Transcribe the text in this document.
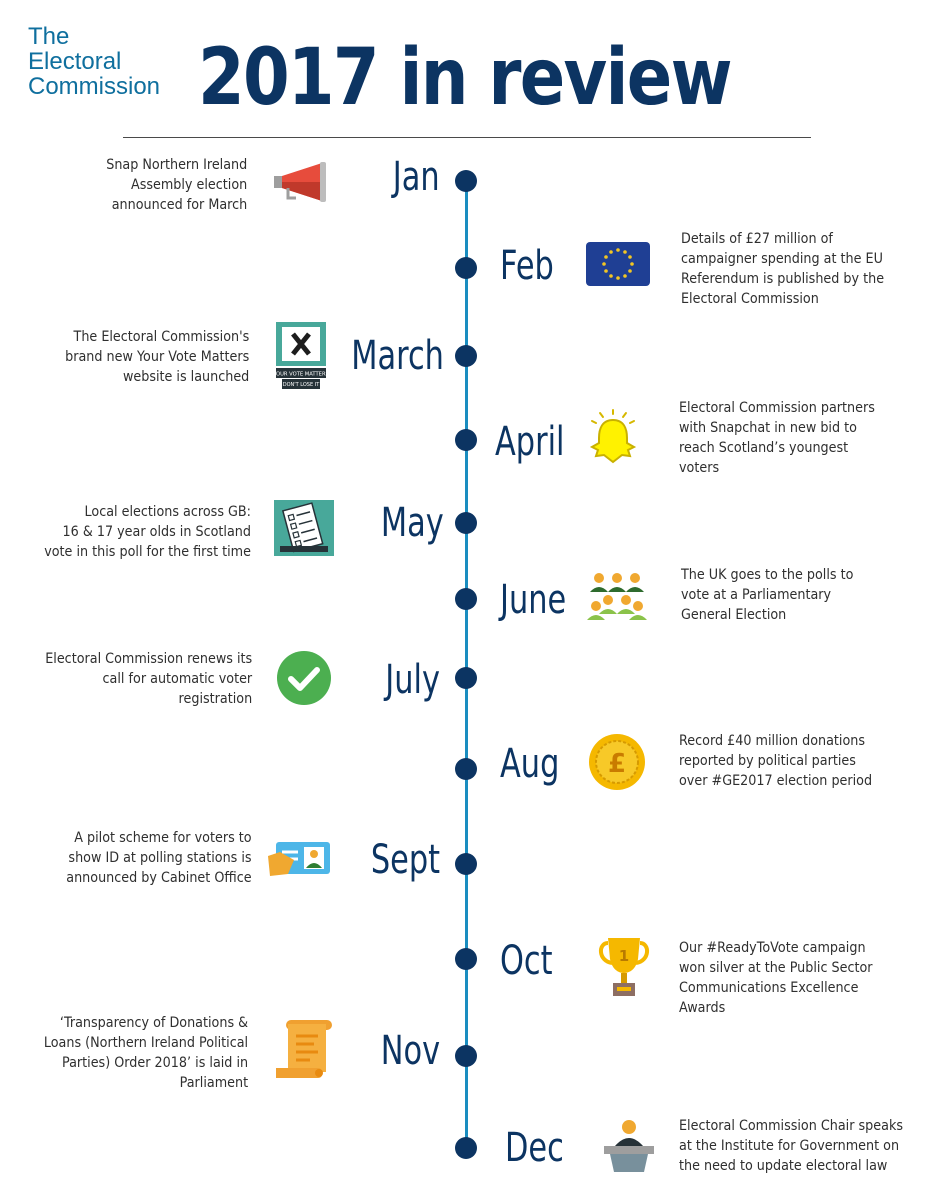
The
Electoral
Commission 2017 in review
Jan
Snap Northern Ireland
Assembly election
announced for March
Feb
Details of £27 million of
campaigner spending at the EU
Referendum is published by the
Electoral Commission
March
YOUR VOTE MATTERS
DON'T LOSE IT
The Electoral Commission's
brand new Your Vote Matters
website is launched
April
Electoral Commission partners
with Snapchat in new bid to
reach Scotland’s youngest
voters
May
Local elections across GB:
16 & 17 year olds in Scotland
vote in this poll for the first time
June
The UK goes to the polls to
vote at a Parliamentary
General Election
July
Electoral Commission renews its
call for automatic voter
registration
Aug £
Record £40 million donations
reported by political parties
over #GE2017 election period
Sept
A pilot scheme for voters to
show ID at polling stations is
announced by Cabinet Office
Oct	1	Our #ReadyToVote campaign
won silver at the Public Sector
Communications Excellence
Awards
Nov
‘Transparency of Donations &
Loans (Northern Ireland Political
Parties) Order 2018’ is laid in
Parliament
Dec	Electoral Commission Chair speaks
at the Institute for Government on
the need to update electoral law
